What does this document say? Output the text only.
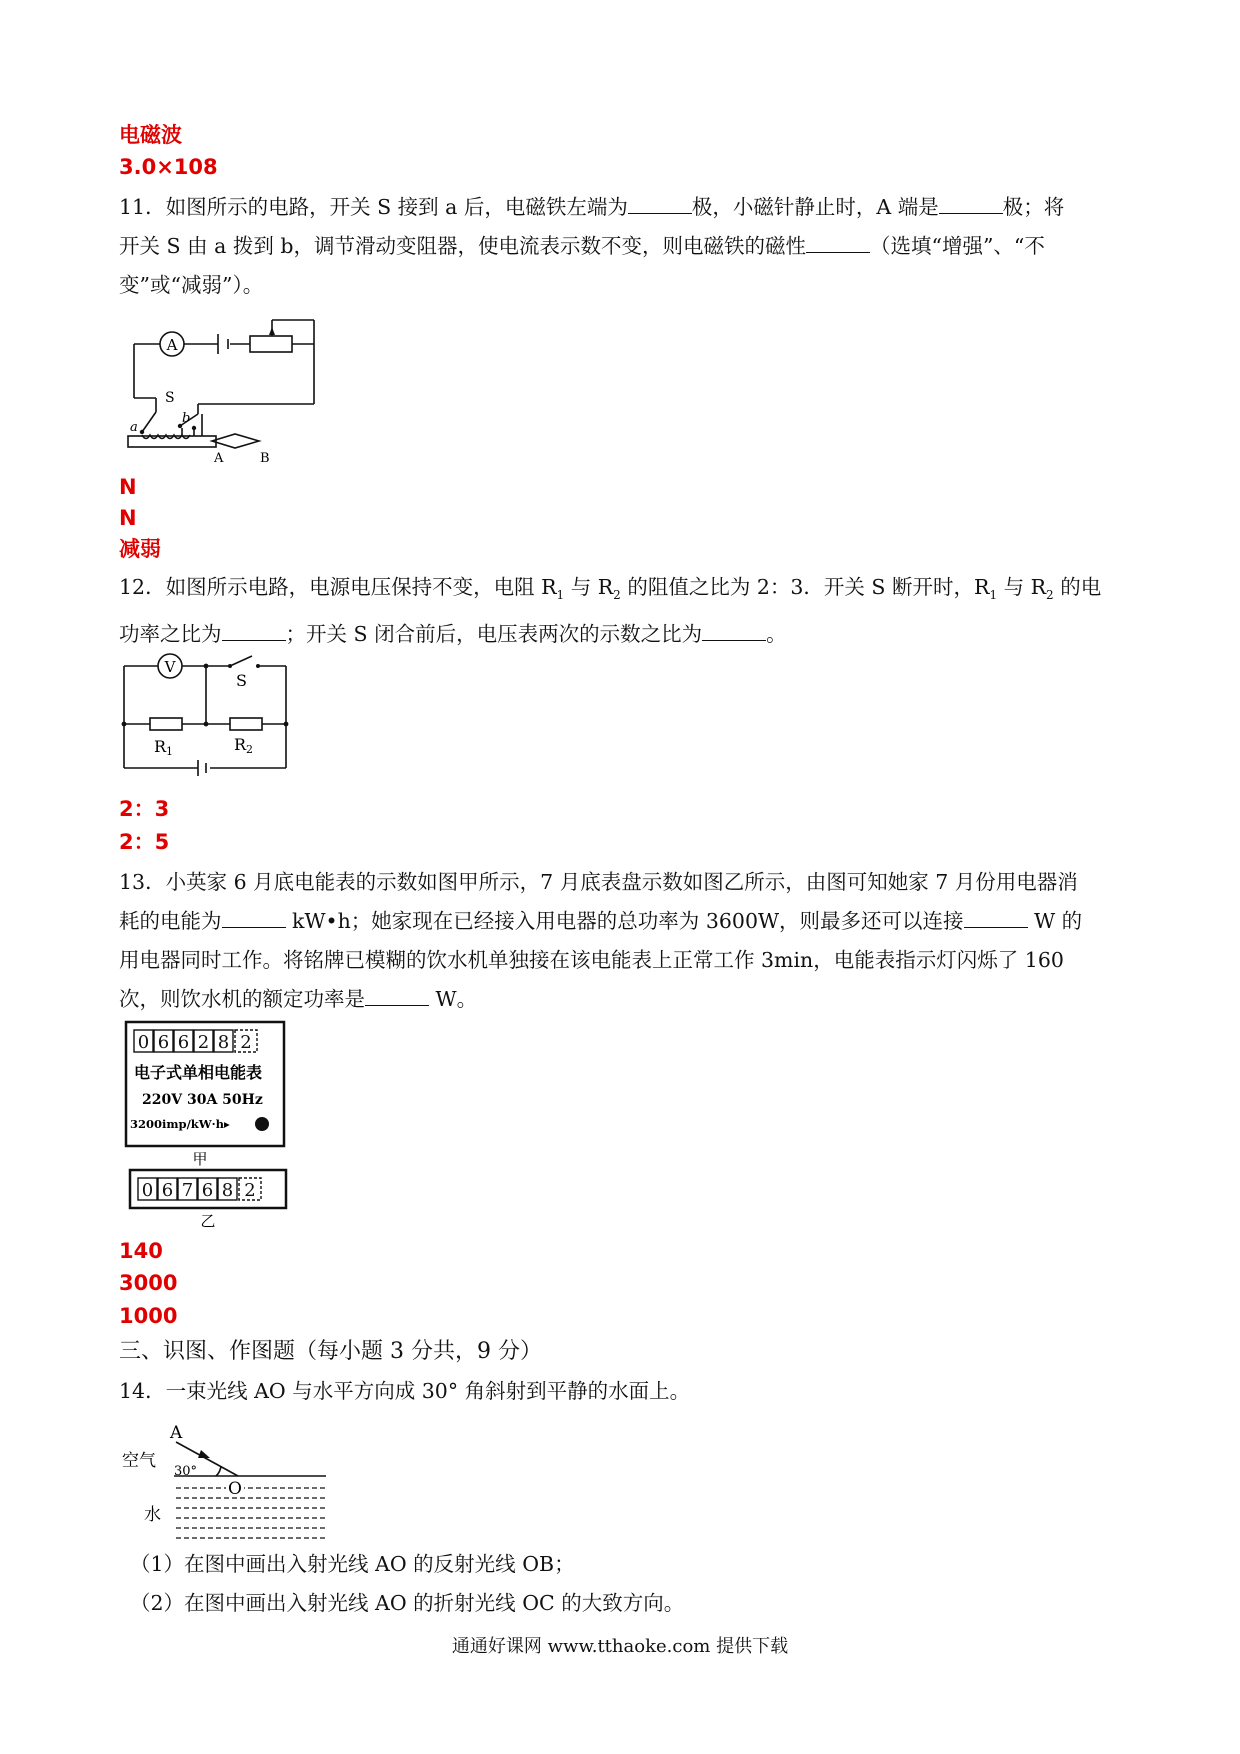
电磁波
3.0×108

11．如图所示的电路，开关 S 接到 a 后，电磁铁左端为	极，小磁针静止时，A 端是	极；将

开关 S 由 a 拨到 b，调节滑动变阻器，使电流表示数不变，则电磁铁的磁性	（选填“增强”、“不

变”或“减弱”）。

A
S
a
b
A	B
N
N
减弱

12．如图所示电路，电源电压保持不变，电阻 $R_1$ 与 $R_2$ 的阻值之比为 2：3．开关 S 断开时，$R_1$ 与 $R_2$ 的电

功率之比为	；开关 S 闭合前后，电压表两次的示数之比为	。

V
S
R1	R2
2：3
2：5

13．小英家 6 月底电能表的示数如图甲所示，7 月底表盘示数如图乙所示，由图可知她家 7 月份用电器消

耗的电能为	kW•h；她家现在已经接入用电器的总功率为 3600W，则最多还可以连接	W 的

用电器同时工作。将铭牌已模糊的饮水机单独接在该电能表上正常工作 3min，电能表指示灯闪烁了 160

次，则饮水机的额定功率是	W。

0 6 6 2 8 2
电子式单相电能表
220V 30A 50Hz
3200imp/kW·h▸
甲
0 6 7 6 8 2
乙
140
3000
1000
三、识图、作图题（每小题 3 分共，9 分）

14．一束光线 AO 与水平方向成 30° 角斜射到平静的水面上。

A
空气
30°
水
O

（1）在图中画出入射光线 AO 的反射光线 OB；

（2）在图中画出入射光线 AO 的折射光线 OC 的大致方向。

通通好课网 www.tthaoke.com 提供下载
